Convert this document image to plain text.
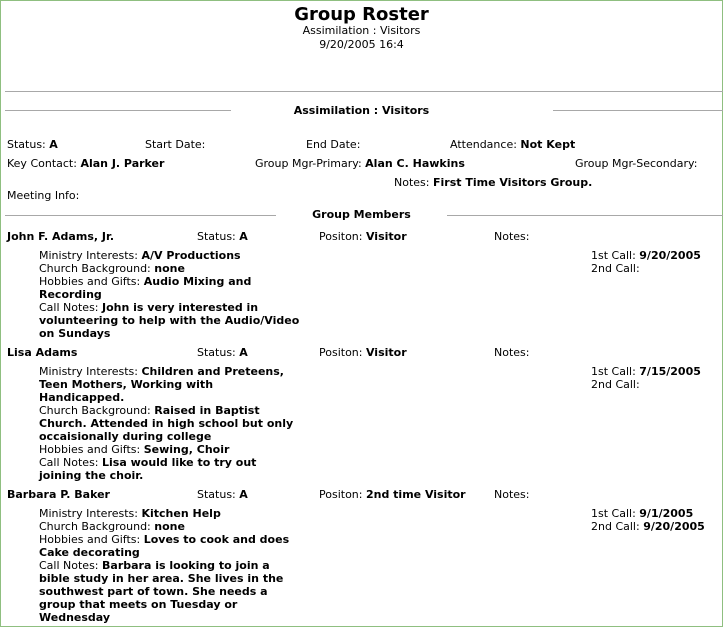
Group Roster
Assimilation : Visitors
9/20/2005 16:4
Assimilation : Visitors
Status: A	Start Date:	End Date:	Attendance: Not Kept
Key Contact: Alan J. Parker	Group Mgr-Primary: Alan C. Hawkins	Group Mgr-Secondary:
Notes: First Time Visitors Group.
Meeting Info:
Group Members
John F. Adams, Jr.	Status: A	Positon: Visitor	Notes:
Ministry Interests: A/V Productions
Church Background: none
Hobbies and Gifts: Audio Mixing and Recording
Call Notes: John is very interested in volunteering to help with the Audio/Video on Sundays
1st Call: 9/20/2005
2nd Call:
Lisa Adams	Status: A	Positon: Visitor	Notes:
Ministry Interests: Children and Preteens, Teen Mothers, Working with Handicapped.
Church Background: Raised in Baptist Church. Attended in high school but only occaisionally during college
Hobbies and Gifts: Sewing, Choir
Call Notes: Lisa would like to try out joining the choir.
1st Call: 7/15/2005
2nd Call:
Barbara P. Baker	Status: A	Positon: 2nd time Visitor	Notes:
Ministry Interests: Kitchen Help
Church Background: none
Hobbies and Gifts: Loves to cook and does Cake decorating
Call Notes: Barbara is looking to join a bible study in her area. She lives in the southwest part of town. She needs a group that meets on Tuesday or Wednesday
1st Call: 9/1/2005
2nd Call: 9/20/2005
